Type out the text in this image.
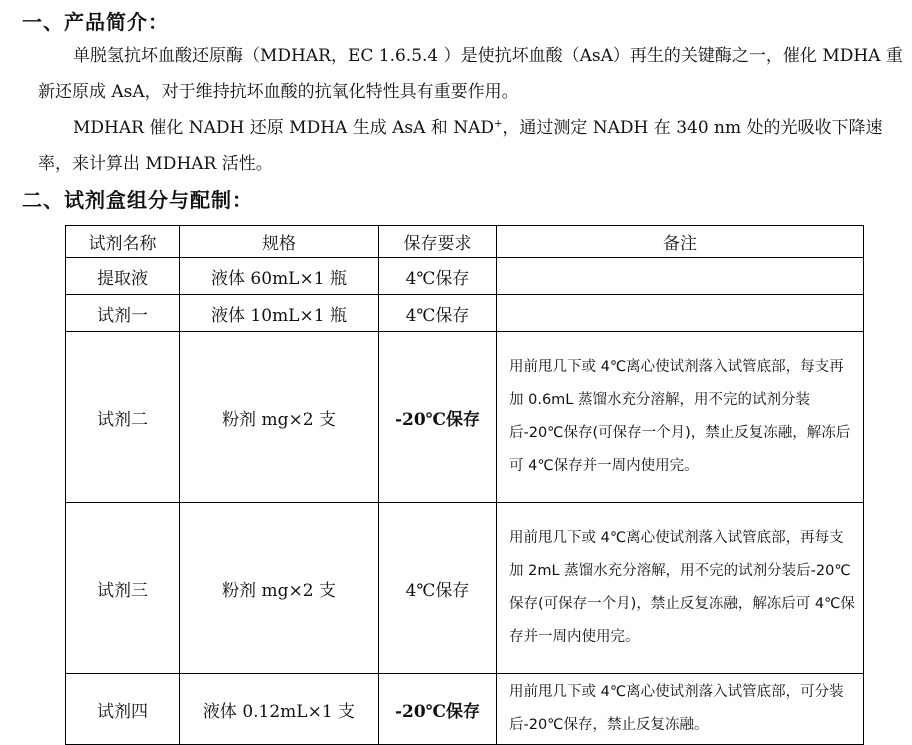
一、产品简介：
单脱氢抗坏血酸还原酶（MDHAR，EC 1.6.5.4 ）是使抗坏血酸（AsA）再生的关键酶之一，催化 MDHA 重新还原成 AsA，对于维持抗坏血酸的抗氧化特性具有重要作用。
MDHAR 催化 NADH 还原 MDHA 生成 AsA 和 NAD+，通过测定 NADH 在 340 nm 处的光吸收下降速率，来计算出 MDHAR 活性。
二、试剂盒组分与配制：
试剂名称	规格	保存要求	备注
提取液	液体 60mL×1 瓶	4℃保存	
试剂一	液体 10mL×1 瓶	4℃保存	
试剂二	粉剂 mg×2 支	-20℃保存	用前甩几下或 4℃离心使试剂落入试管底部，每支再加 0.6mL 蒸馏水充分溶解，用不完的试剂分装后-20℃保存(可保存一个月)，禁止反复冻融，解冻后可 4℃保存并一周内使用完。
试剂三	粉剂 mg×2 支	4℃保存	用前甩几下或 4℃离心使试剂落入试管底部，再每支加 2mL 蒸馏水充分溶解，用不完的试剂分装后-20℃保存(可保存一个月)，禁止反复冻融，解冻后可 4℃保存并一周内使用完。
试剂四	液体 0.12mL×1 支	-20℃保存	用前甩几下或 4℃离心使试剂落入试管底部，可分装后-20℃保存，禁止反复冻融。
